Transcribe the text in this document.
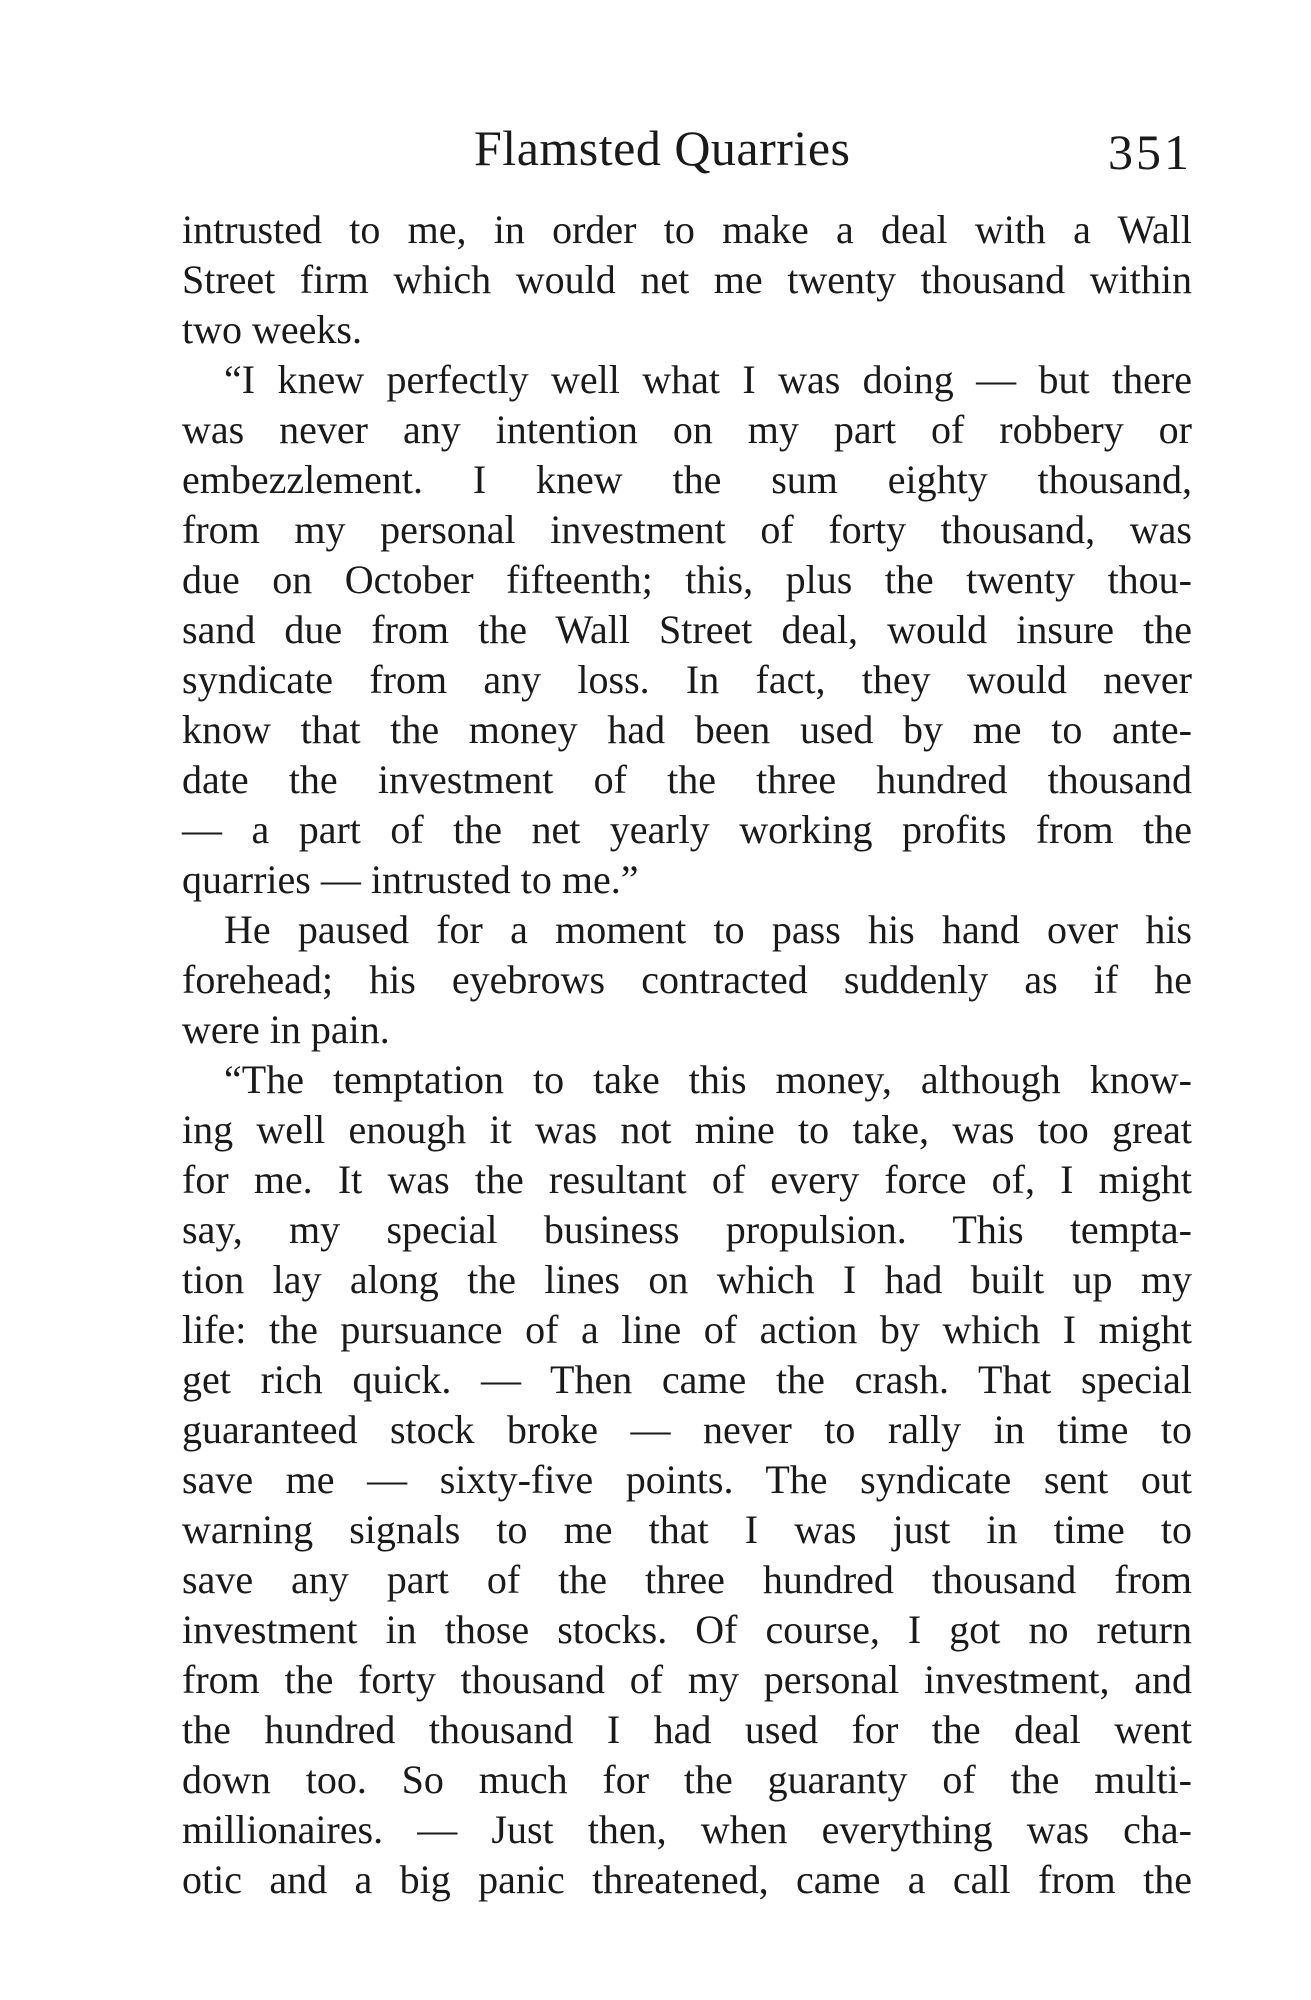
Flamsted Quarries	351
intrusted to me, in order to make a deal with a Wall
Street firm which would net me twenty thousand within
two weeks.
“I knew perfectly well what I was doing — but there
was never any intention on my part of robbery or
embezzlement. I knew the sum eighty thousand,
from my personal investment of forty thousand, was
due on October fifteenth; this, plus the twenty thou-
sand due from the Wall Street deal, would insure the
syndicate from any loss. In fact, they would never
know that the money had been used by me to ante-
date the investment of the three hundred thousand
— a part of the net yearly working profits from the
quarries — intrusted to me.”
He paused for a moment to pass his hand over his
forehead; his eyebrows contracted suddenly as if he
were in pain.
“The temptation to take this money, although know-
ing well enough it was not mine to take, was too great
for me. It was the resultant of every force of, I might
say, my special business propulsion. This tempta-
tion lay along the lines on which I had built up my
life: the pursuance of a line of action by which I might
get rich quick. — Then came the crash. That special
guaranteed stock broke — never to rally in time to
save me — sixty-five points. The syndicate sent out
warning signals to me that I was just in time to
save any part of the three hundred thousand from
investment in those stocks. Of course, I got no return
from the forty thousand of my personal investment, and
the hundred thousand I had used for the deal went
down too. So much for the guaranty of the multi-
millionaires. — Just then, when everything was cha-
otic and a big panic threatened, came a call from the
